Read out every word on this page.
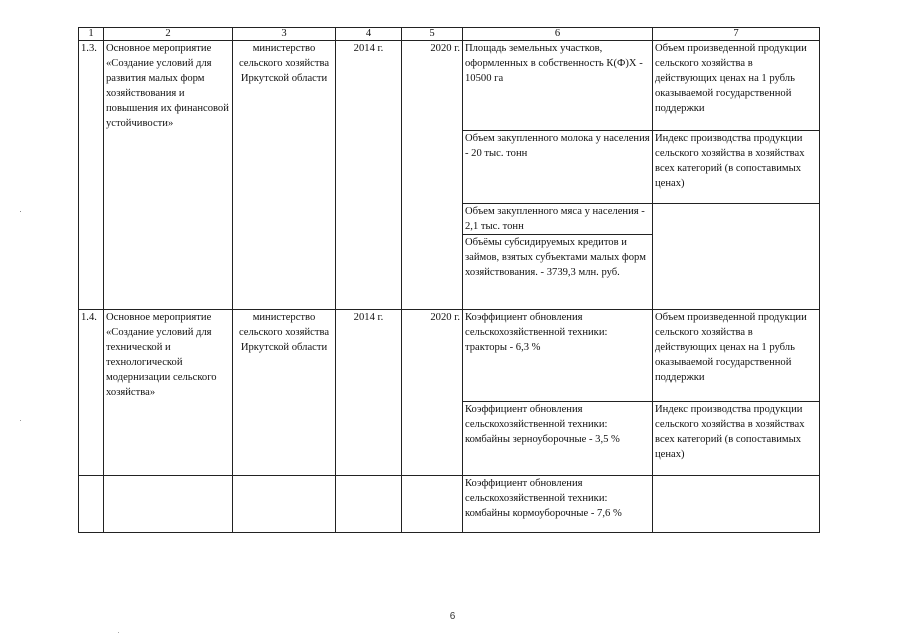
1	2	3	4	5	6	7
1.3.	Основное мероприятие «Создание условий для развития малых форм хозяйствования и повышения их финансовой устойчивости»	министерство сельского хозяйства Иркутской области	2014 г.	2020 г.	Площадь земельных участков, оформленных в собственность К(Ф)Х - 10500 га	Объем произведенной продукции сельского хозяйства в действующих ценах на 1 рубль оказываемой государственной поддержки
					Объем закупленного молока у населения - 20 тыс. тонн	Индекс производства продукции сельского хозяйства в хозяйствах всех категорий (в сопоставимых ценах)
					Объем закупленного мяса у населения - 2,1 тыс. тонн	
					Объёмы субсидируемых кредитов и займов, взятых субъектами малых форм хозяйствования. - 3739,3 млн. руб.	
1.4.	Основное мероприятие «Создание условий для технической и технологической модернизации сельского хозяйства»	министерство сельского хозяйства Иркутской области	2014 г.	2020 г.	Коэффициент обновления сельскохозяйственной техники: тракторы - 6,3 %	Объем произведенной продукции сельского хозяйства в действующих ценах на 1 рубль оказываемой государственной поддержки
					Коэффициент обновления сельскохозяйственной техники: комбайны зерноуборочные - 3,5 %	Индекс производства продукции сельского хозяйства в хозяйствах всех категорий (в сопоставимых ценах)
					Коэффициент обновления сельскохозяйственной техники: комбайны кормоуборочные - 7,6 %	
6
